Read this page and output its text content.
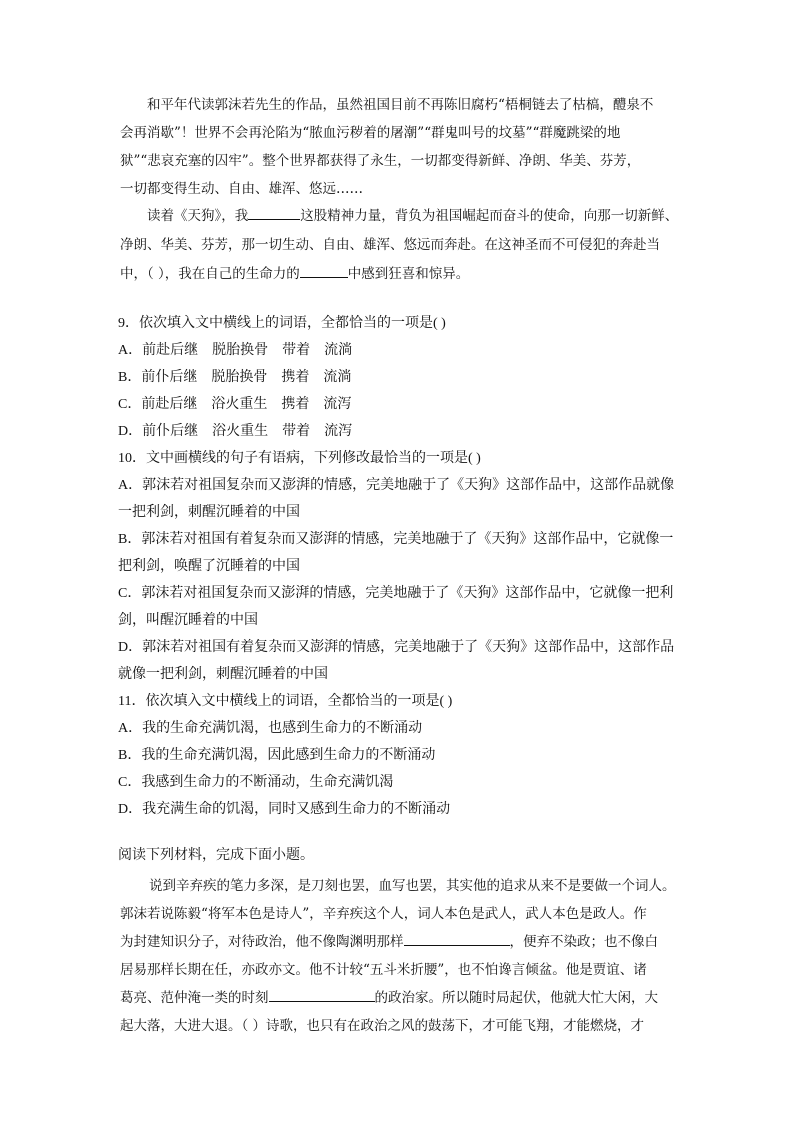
和平年代读郭沫若先生的作品，虽然祖国目前不再陈旧腐朽“梧桐链去了枯槁，醴泉不
会再消歇”！世界不会再沦陷为“脓血污秽着的屠潮”“群鬼叫号的坟墓”“群魔跳梁的地
狱”“悲哀充塞的囚牢”。整个世界都获得了永生，一切都变得新鲜、净朗、华美、芬芳，
一切都变得生动、自由、雄浑、悠远……
读着《天狗》，我	这股精神力量，背负为祖国崛起而奋斗的使命，向那一切新鲜、
净朗、华美、芬芳，那一切生动、自由、雄浑、悠远而奔赴。在这神圣而不可侵犯的奔赴当
中，（ ），我在自己的生命力的	中感到狂喜和惊异。
9．依次填入文中横线上的词语，全都恰当的一项是( )
A．前赴后继　脱胎换骨　带着　流淌
B．前仆后继　脱胎换骨　携着　流淌
C．前赴后继　浴火重生　携着　流泻
D．前仆后继　浴火重生　带着　流泻
10．文中画横线的句子有语病，下列修改最恰当的一项是( )
A．郭沫若对祖国复杂而又澎湃的情感，完美地融于了《天狗》这部作品中，这部作品就像
一把利剑，刺醒沉睡着的中国
B．郭沫若对祖国有着复杂而又澎湃的情感，完美地融于了《天狗》这部作品中，它就像一
把利剑，唤醒了沉睡着的中国
C．郭沫若对祖国复杂而又澎湃的情感，完美地融于了《天狗》这部作品中，它就像一把利
剑，叫醒沉睡着的中国
D．郭沫若对祖国有着复杂而又澎湃的情感，完美地融于了《天狗》这部作品中，这部作品
就像一把利剑，刺醒沉睡着的中国
11．依次填入文中横线上的词语，全都恰当的一项是( )
A．我的生命充满饥渴，也感到生命力的不断涌动
B．我的生命充满饥渴，因此感到生命力的不断涌动
C．我感到生命力的不断涌动，生命充满饥渴
D．我充满生命的饥渴，同时又感到生命力的不断涌动
阅读下列材料，完成下面小题。
说到辛弃疾的笔力多深，是刀刻也罢，血写也罢，其实他的追求从来不是要做一个词人。
郭沫若说陈毅“将军本色是诗人”，辛弃疾这个人，词人本色是武人，武人本色是政人。作
为封建知识分子，对待政治，他不像陶渊明那样	，便弃不染政；也不像白
居易那样长期在任，亦政亦文。他不计较“五斗米折腰”，也不怕谗言倾盆。他是贾谊、诸
葛亮、范仲淹一类的时刻	的政治家。所以随时局起伏，他就大忙大闲，大
起大落，大进大退。（ ）诗歌，也只有在政治之风的鼓荡下，才可能飞翔，才能燃烧，才
